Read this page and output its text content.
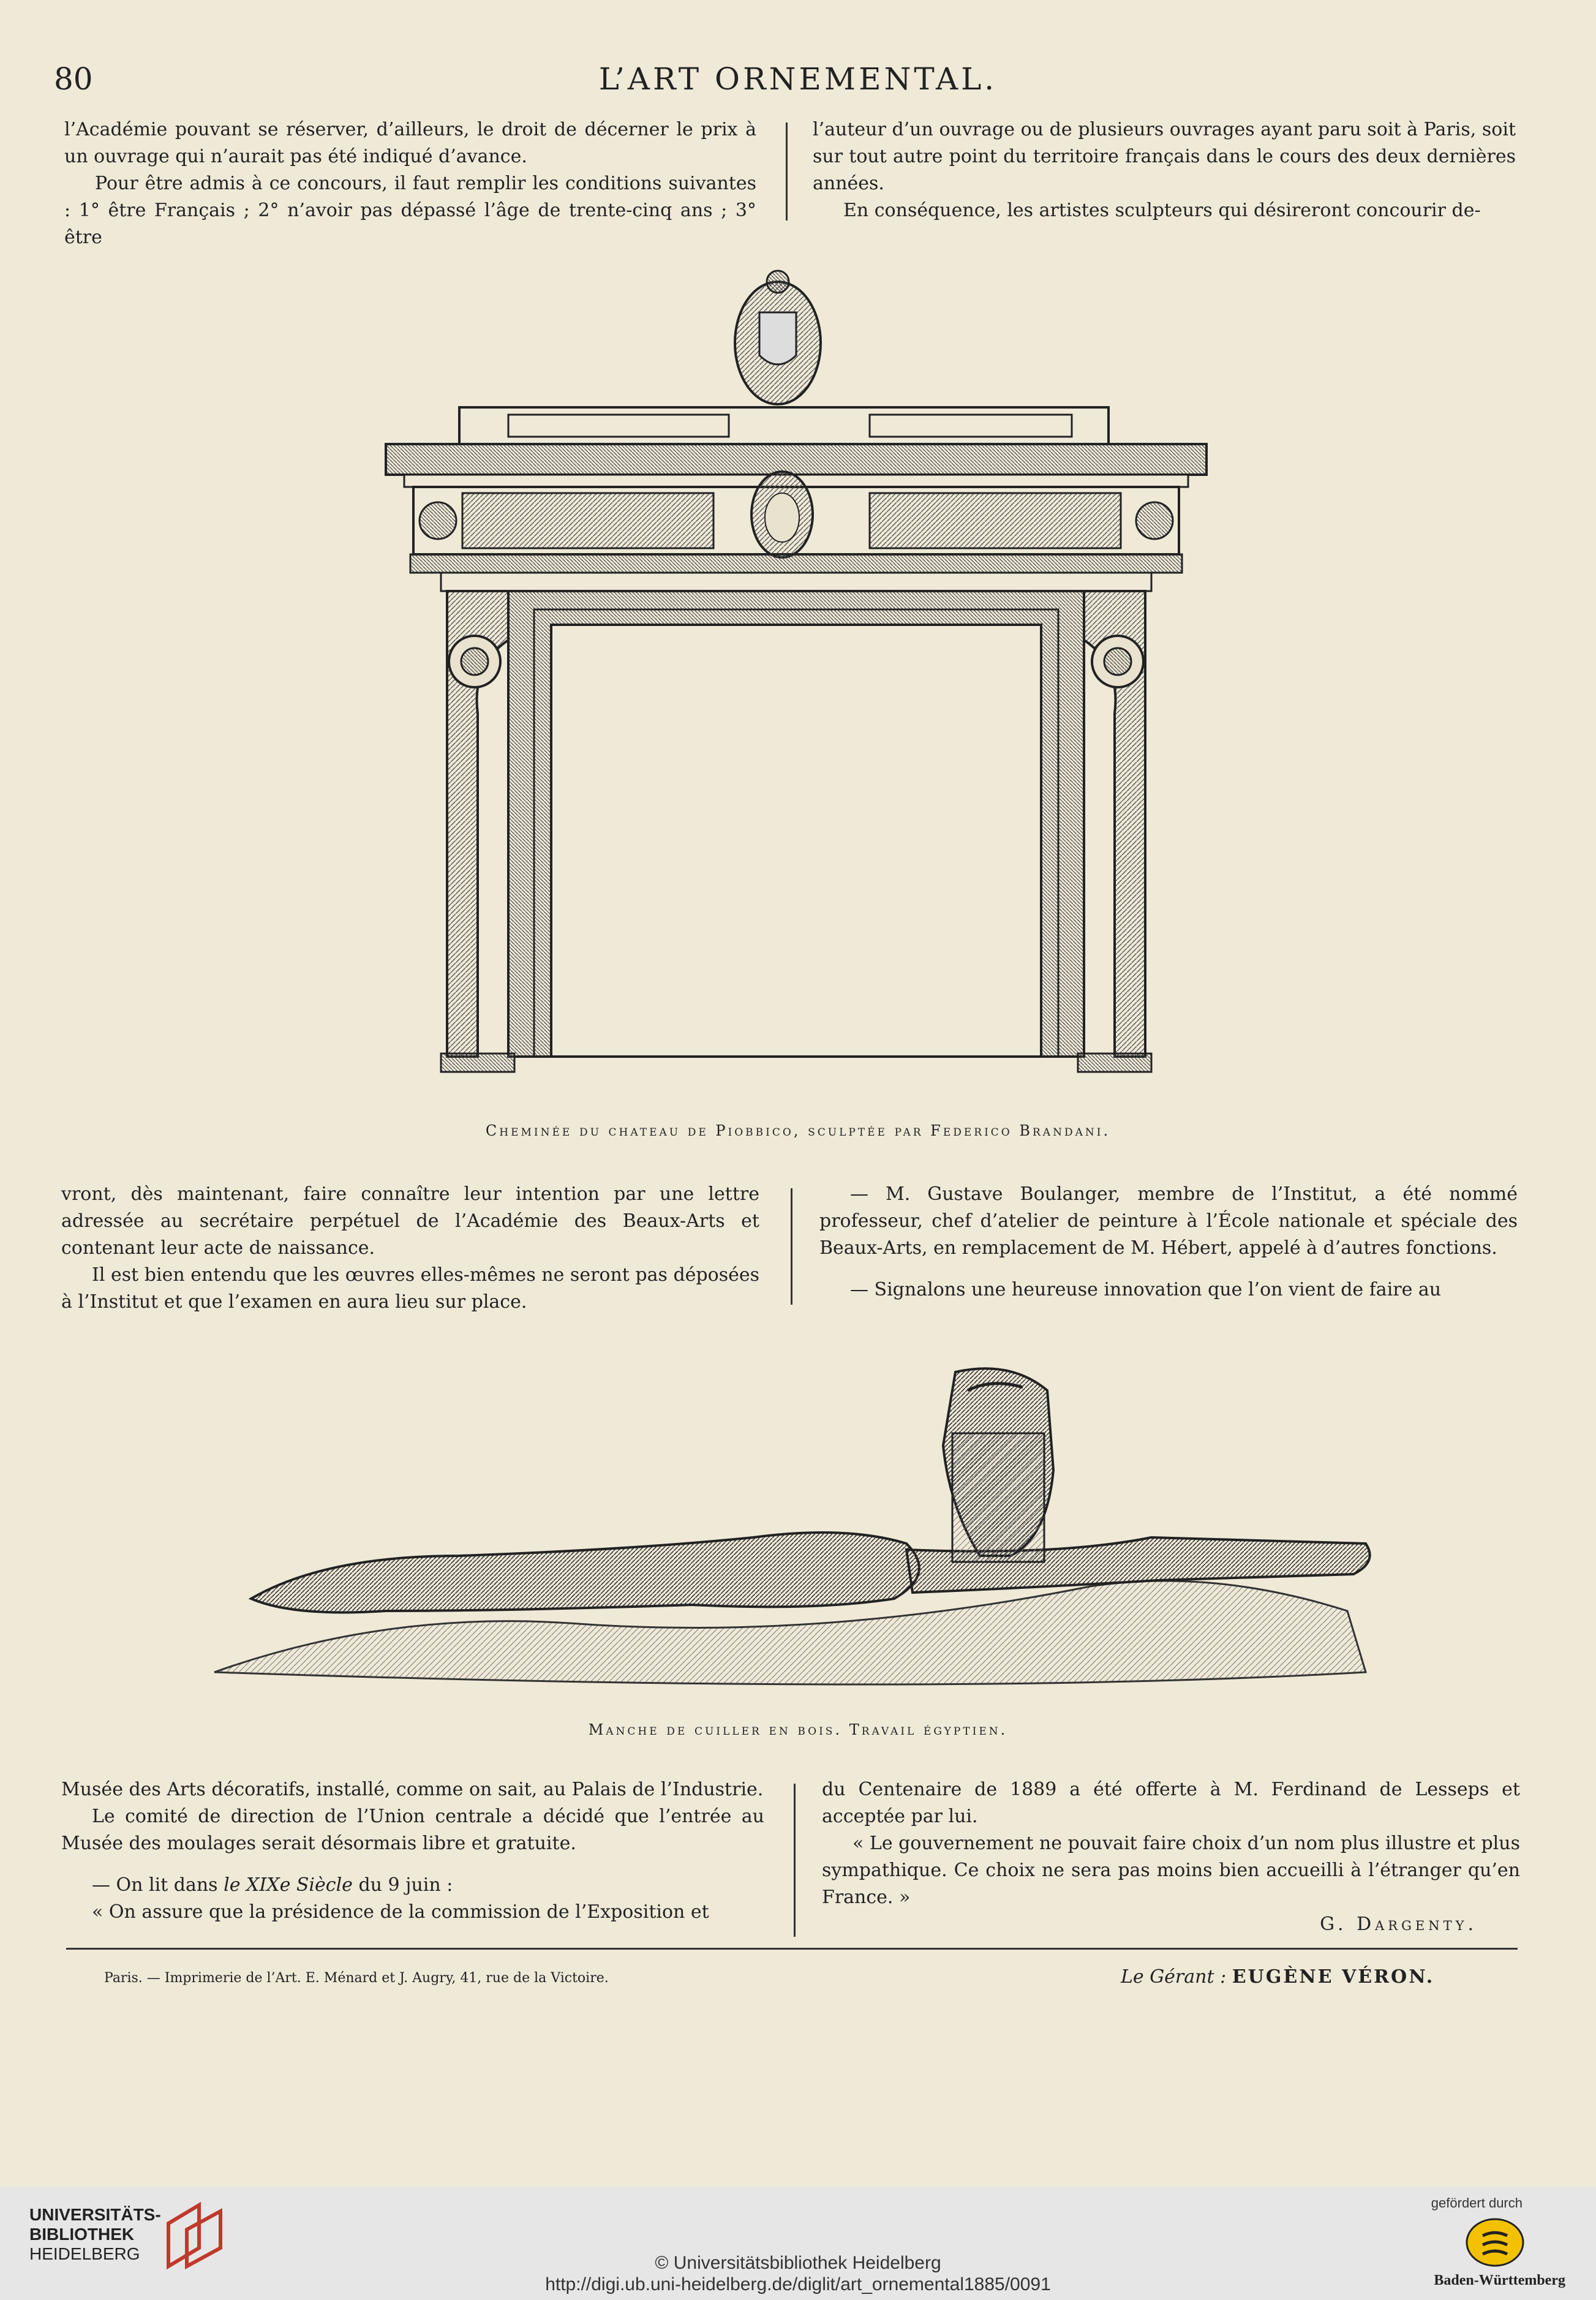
80	L’ART ORNEMENTAL.

l’Académie pouvant se réserver, d’ailleurs, le droit de décerner le prix à un ouvrage qui n’aurait pas été indiqué d’avance.

Pour être admis à ce concours, il faut remplir les conditions suivantes : 1° être Français ; 2° n’avoir pas dépassé l’âge de trente-cinq ans ; 3° être

l’auteur d’un ouvrage ou de plusieurs ouvrages ayant paru soit à Paris, soit sur tout autre point du territoire français dans le cours des deux dernières années.

En conséquence, les artistes sculpteurs qui désireront concourir de-

Cheminée du chateau de Piobbico, sculptée par Federico Brandani.

vront, dès maintenant, faire connaître leur intention par une lettre adressée au secrétaire perpétuel de l’Académie des Beaux-Arts et contenant leur acte de naissance.

Il est bien entendu que les œuvres elles-mêmes ne seront pas déposées à l’Institut et que l’examen en aura lieu sur place.

— M. Gustave Boulanger, membre de l’Institut, a été nommé professeur, chef d’atelier de peinture à l’École nationale et spéciale des Beaux-Arts, en remplacement de M. Hébert, appelé à d’autres fonctions.

— Signalons une heureuse innovation que l’on vient de faire au

Manche de cuiller en bois. Travail égyptien.

Musée des Arts décoratifs, installé, comme on sait, au Palais de l’Industrie.

Le comité de direction de l’Union centrale a décidé que l’entrée au Musée des moulages serait désormais libre et gratuite.

— On lit dans le XIXe Siècle du 9 juin :

« On assure que la présidence de la commission de l’Exposition et

du Centenaire de 1889 a été offerte à M. Ferdinand de Lesseps et acceptée par lui.

« Le gouvernement ne pouvait faire choix d’un nom plus illustre et plus sympathique. Ce choix ne sera pas moins bien accueilli à l’étranger qu’en France. »

G. Dargenty.

Paris. — Imprimerie de l’Art. E. Ménard et J. Augry, 41, rue de la Victoire.	Le Gérant : EUGÈNE VÉRON.
UNIVERSITÄTS-
BIBLIOTHEK
HEIDELBERG	© Universitätsbibliothek Heidelberg
http://digi.ub.uni-heidelberg.de/diglit/art_ornemental1885/0091
gefördert durch
Baden-Württemberg
